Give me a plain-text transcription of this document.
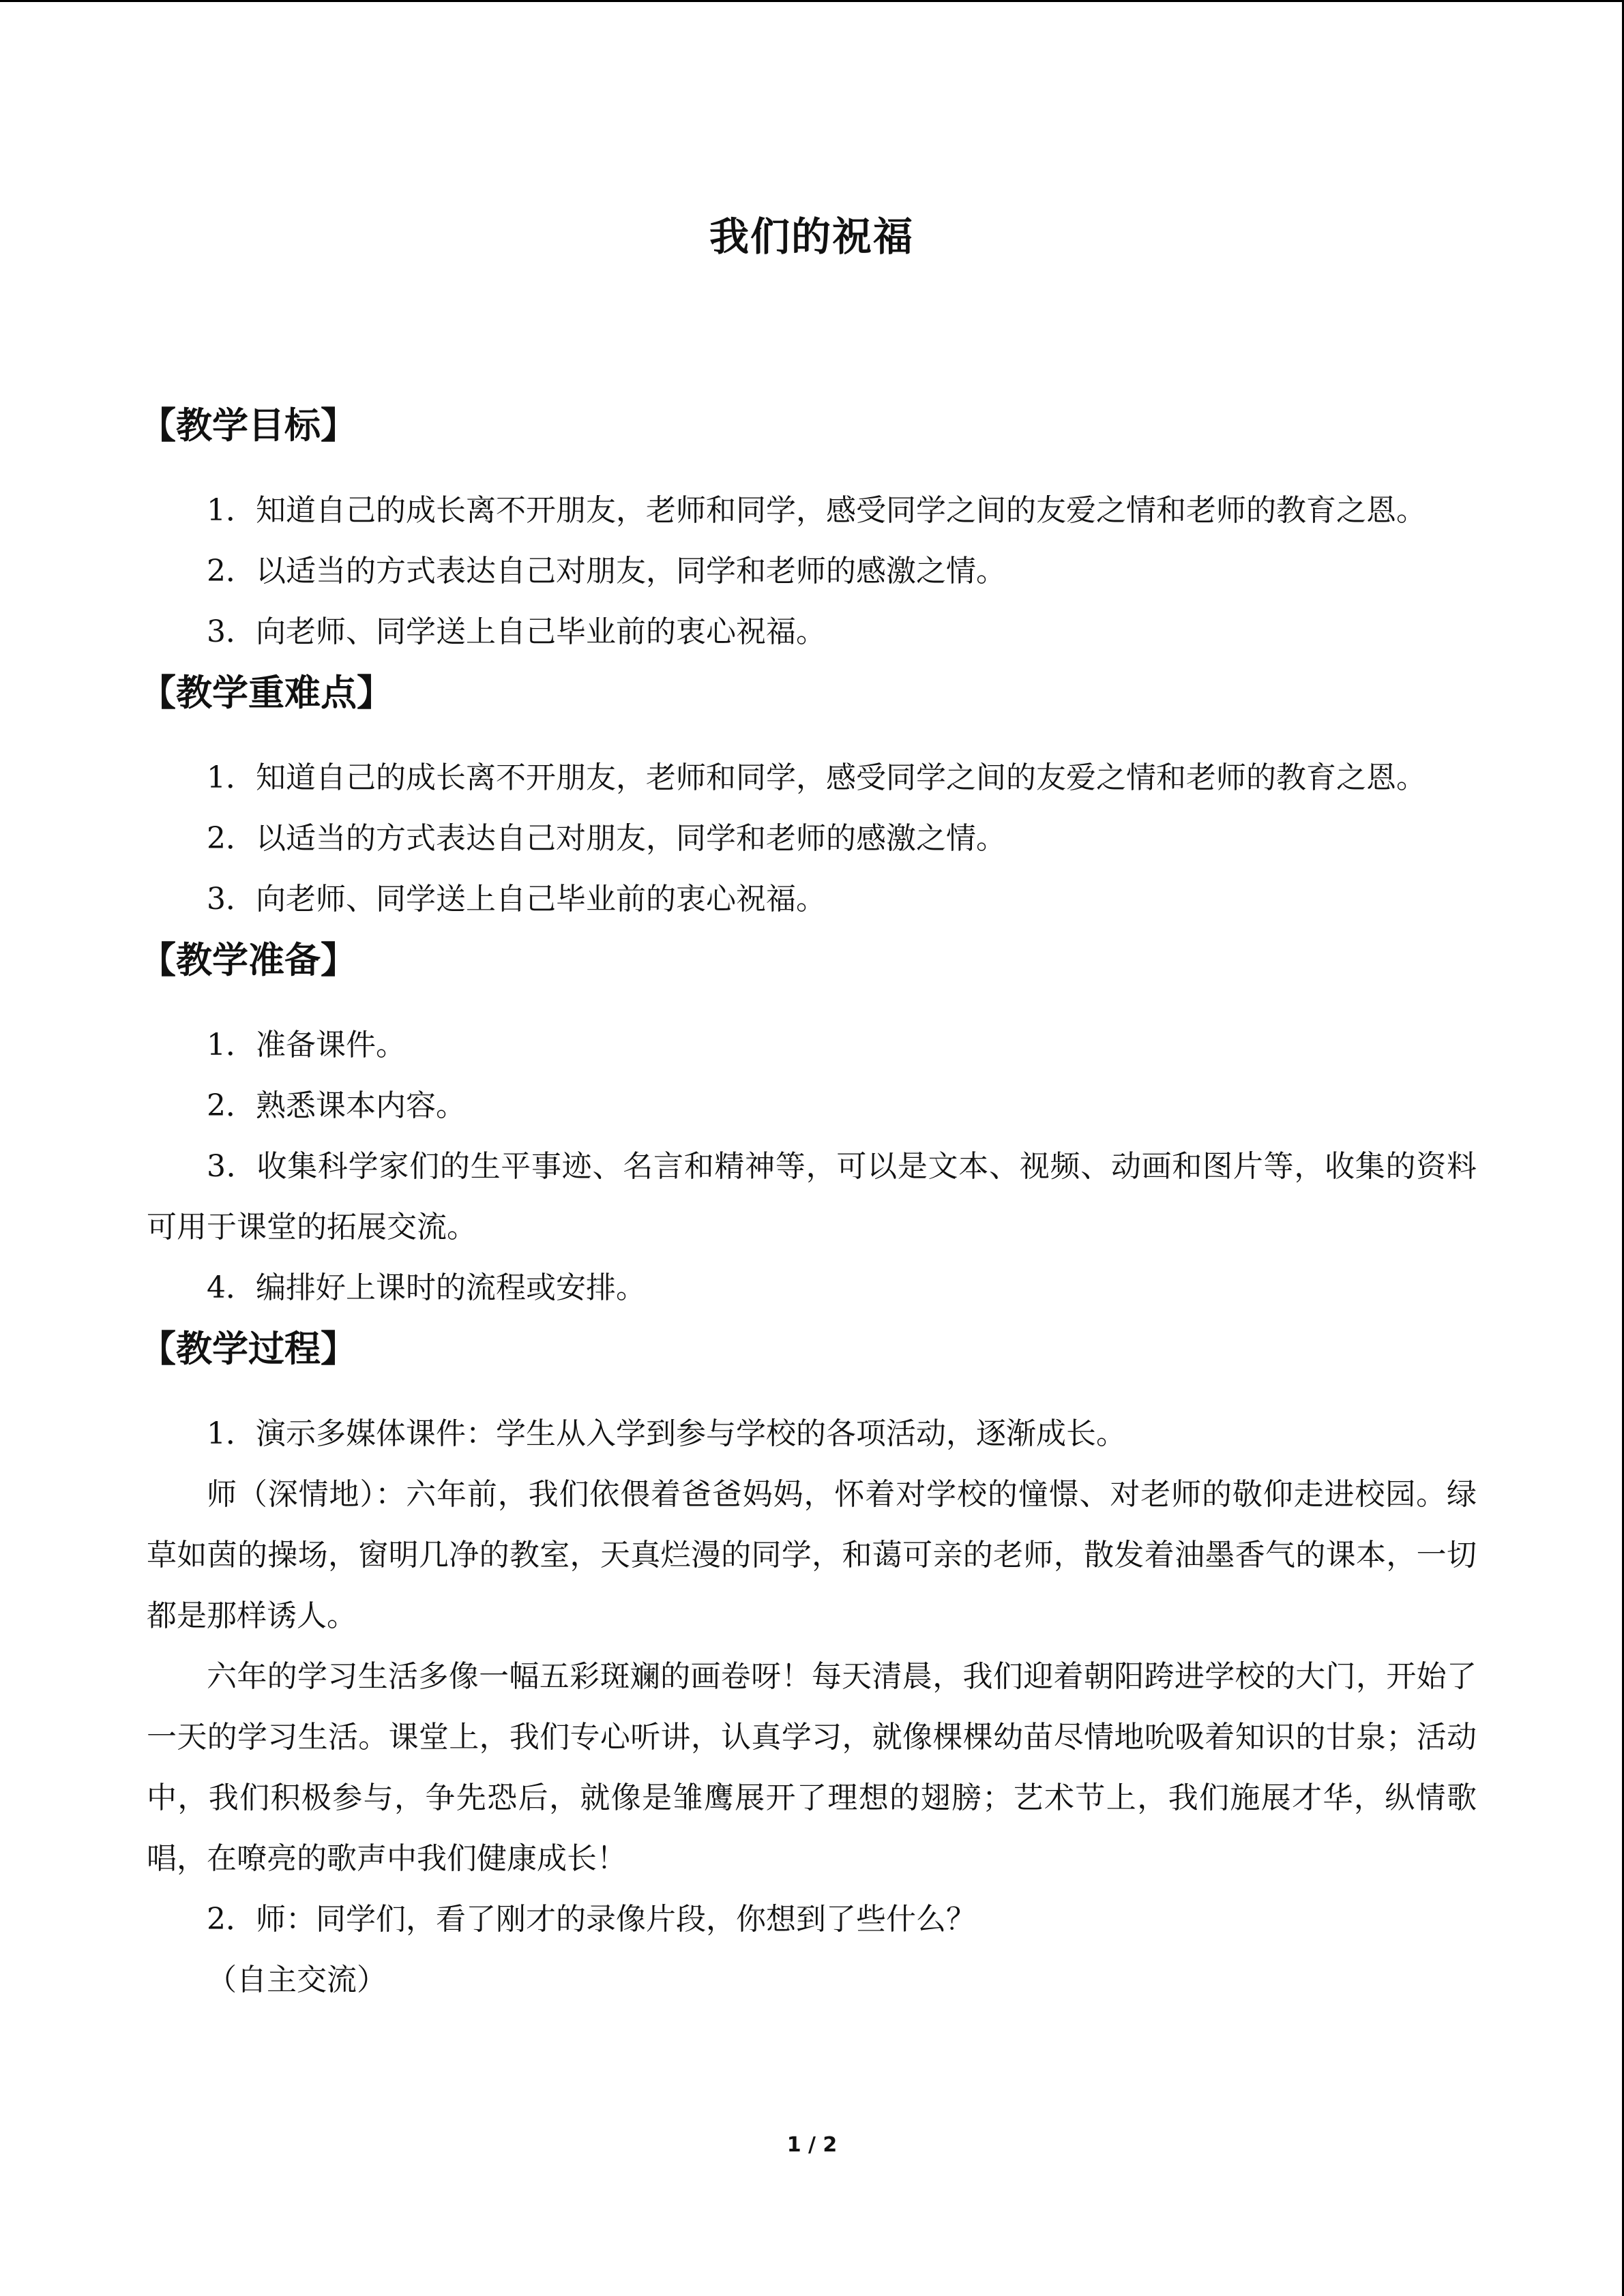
我们的祝福
【教学目标】

1．知道自己的成长离不开朋友，老师和同学，感受同学之间的友爱之情和老师的教育之恩。

2．以适当的方式表达自己对朋友，同学和老师的感激之情。

3．向老师、同学送上自己毕业前的衷心祝福。

【教学重难点】

1．知道自己的成长离不开朋友，老师和同学，感受同学之间的友爱之情和老师的教育之恩。

2．以适当的方式表达自己对朋友，同学和老师的感激之情。

3．向老师、同学送上自己毕业前的衷心祝福。

【教学准备】

1．准备课件。

2．熟悉课本内容。

3．收集科学家们的生平事迹、名言和精神等，可以是文本、视频、动画和图片等，收集的资料可用于课堂的拓展交流。

4．编排好上课时的流程或安排。

【教学过程】

1．演示多媒体课件：学生从入学到参与学校的各项活动，逐渐成长。

师（深情地）：六年前，我们依偎着爸爸妈妈，怀着对学校的憧憬、对老师的敬仰走进校园。绿草如茵的操场，窗明几净的教室，天真烂漫的同学，和蔼可亲的老师，散发着油墨香气的课本，一切都是那样诱人。

六年的学习生活多像一幅五彩斑斓的画卷呀！每天清晨，我们迎着朝阳跨进学校的大门，开始了一天的学习生活。课堂上，我们专心听讲，认真学习，就像棵棵幼苗尽情地吮吸着知识的甘泉；活动中，我们积极参与，争先恐后，就像是雏鹰展开了理想的翅膀；艺术节上，我们施展才华，纵情歌唱，在嘹亮的歌声中我们健康成长！

2．师：同学们，看了刚才的录像片段，你想到了些什么？

（自主交流）

1 / 2
